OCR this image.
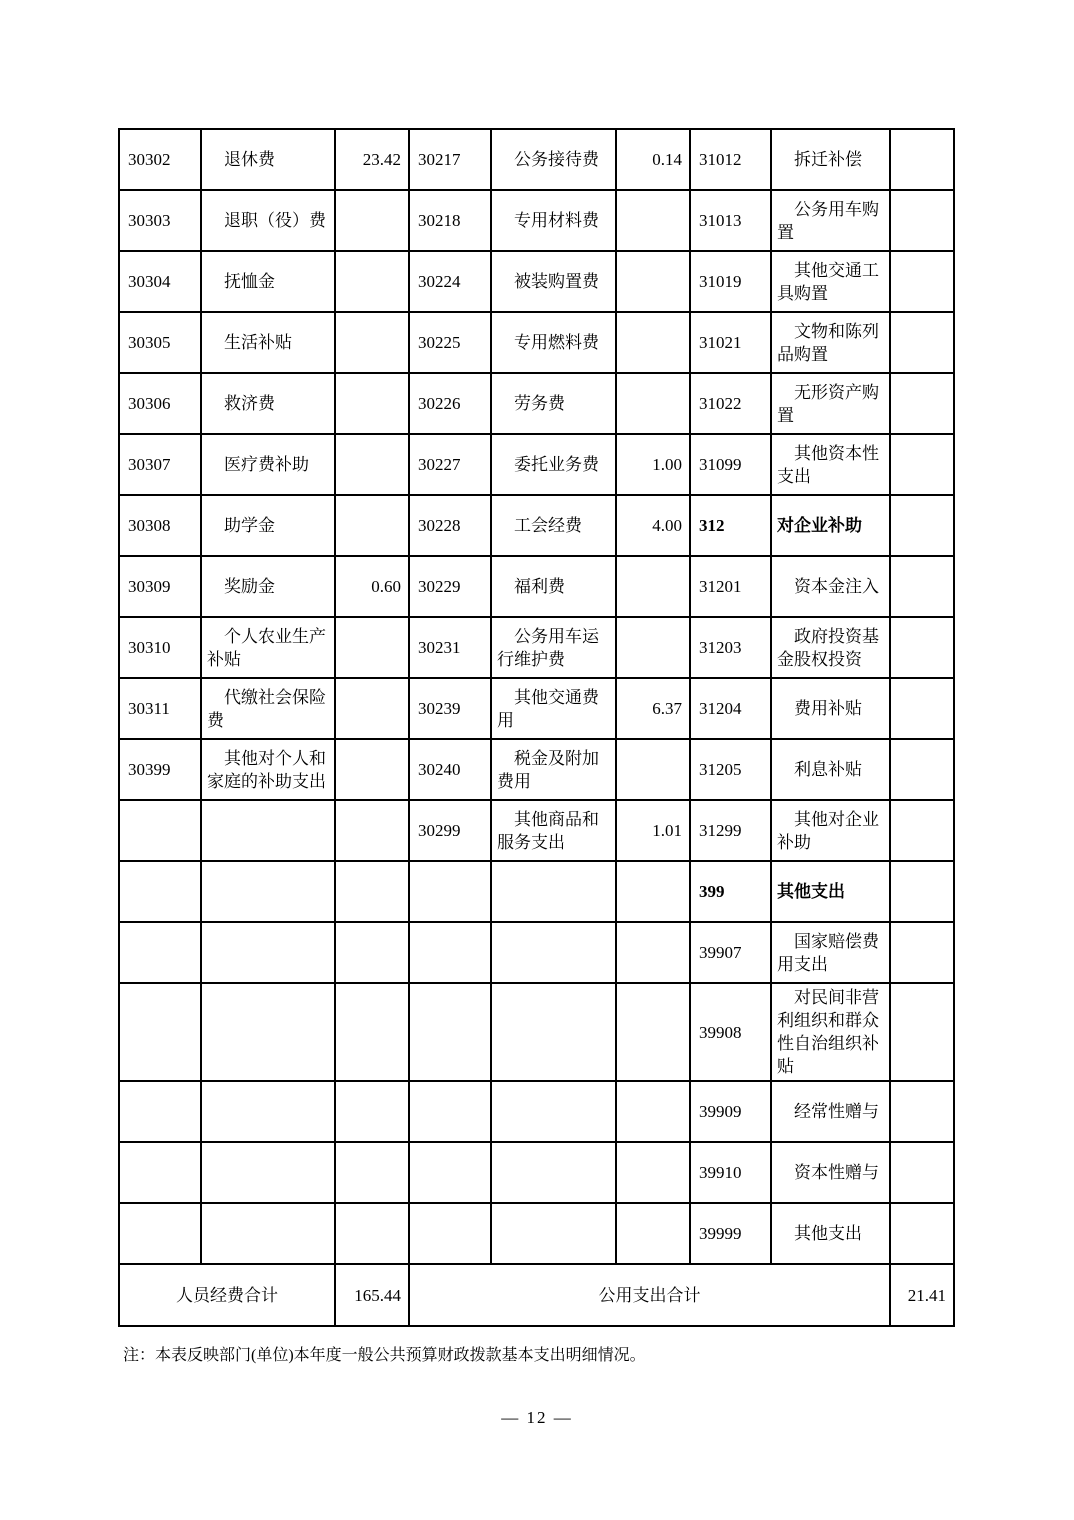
30302	退休费	23.42	30217	公务接待费	0.14	31012	拆迁补偿	
30303	退职（役）费		30218	专用材料费		31013	公务用车购置	
30304	抚恤金		30224	被装购置费		31019	其他交通工具购置	
30305	生活补贴		30225	专用燃料费		31021	文物和陈列品购置	
30306	救济费		30226	劳务费		31022	无形资产购置	
30307	医疗费补助		30227	委托业务费	1.00	31099	其他资本性支出	
30308	助学金		30228	工会经费	4.00	312	对企业补助	
30309	奖励金	0.60	30229	福利费		31201	资本金注入	
30310	个人农业生产补贴		30231	公务用车运行维护费		31203	政府投资基金股权投资	
30311	代缴社会保险费		30239	其他交通费用	6.37	31204	费用补贴	
30399	其他对个人和家庭的补助支出		30240	税金及附加费用		31205	利息补贴	
			30299	其他商品和服务支出	1.01	31299	其他对企业补助	
						399	其他支出	
						39907	国家赔偿费用支出	
						39908	对民间非营利组织和群众性自治组织补贴	
						39909	经常性赠与	
						39910	资本性赠与	
						39999	其他支出	
人员经费合计		165.44	公用支出合计					21.41
注：本表反映部门(单位)本年度一般公共预算财政拨款基本支出明细情况。
— 12 —
